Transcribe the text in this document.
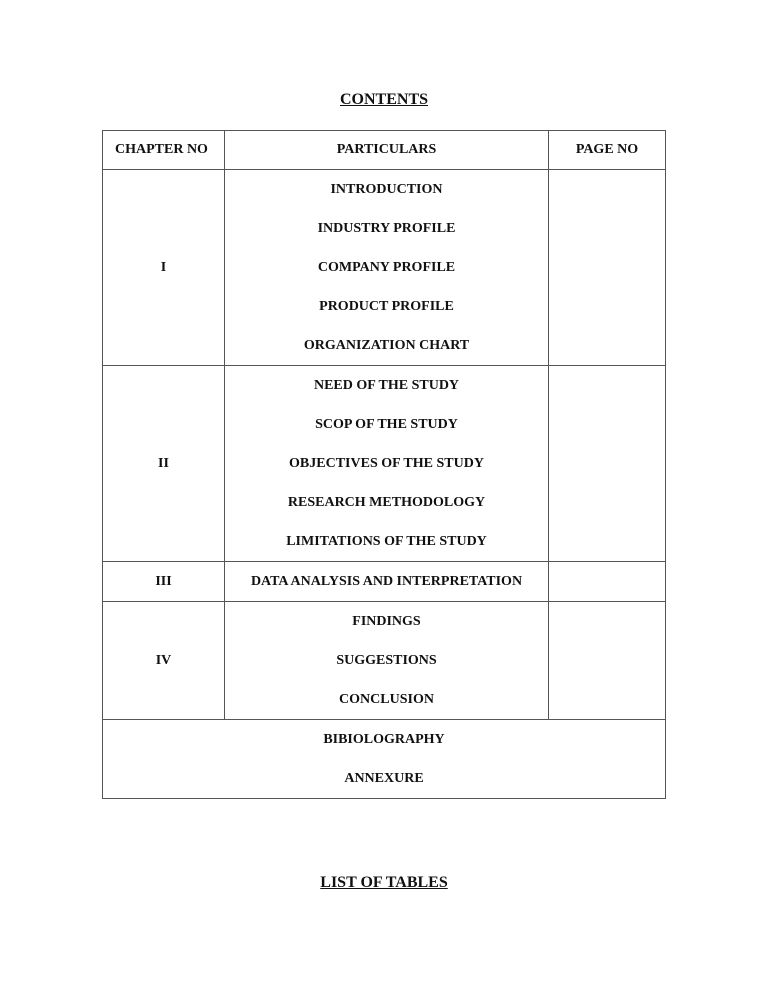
CONTENTS
CHAPTER NO	PARTICULARS	PAGE NO
I	INTRODUCTION
INDUSTRY PROFILE
COMPANY PROFILE
PRODUCT PROFILE
ORGANIZATION CHART	

II	NEED OF THE STUDY
SCOP OF THE STUDY
OBJECTIVES OF THE STUDY
RESEARCH METHODOLOGY
LIMITATIONS OF THE STUDY	

III	DATA ANALYSIS AND INTERPRETATION	

IV	FINDINGS
SUGGESTIONS
CONCLUSION	

BIBIOLOGRAPHY
ANNEXURE		
LIST OF TABLES
